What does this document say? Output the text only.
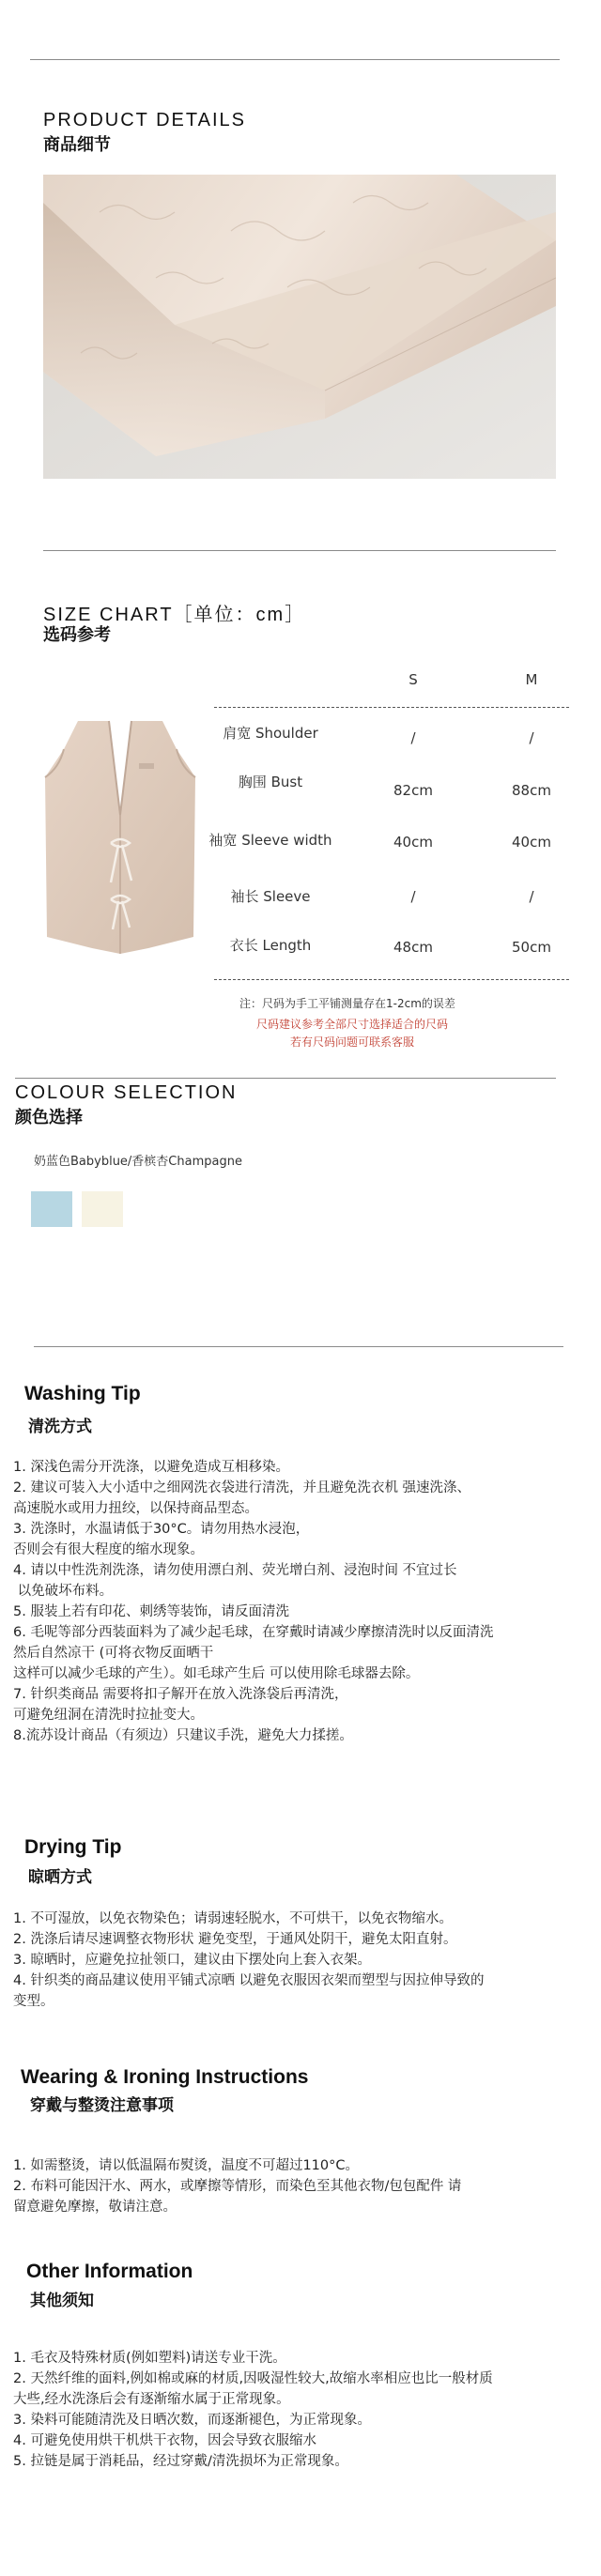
PRODUCT DETAILS
商品细节
SIZE CHART［单位：cm］
选码参考
S	M
肩宽 Shoulder	/	/
胸围 Bust	82cm	88cm
袖宽 Sleeve width	40cm	40cm
袖长 Sleeve	/	/
衣长 Length	48cm	50cm
注：尺码为手工平铺测量存在1-2cm的误差
尺码建议参考全部尺寸选择适合的尺码
若有尺码问题可联系客服
COLOUR SELECTION
颜色选择
奶蓝色Babyblue/香槟杏Champagne
Washing Tip
清洗方式

1. 深浅色需分开洗涤，以避免造成互相移染。

2. 建议可装入大小适中之细网洗衣袋进行清洗，并且避免洗衣机 强速洗涤、

高速脱水或用力扭绞，以保持商品型态。

3. 洗涤时，水温请低于30°C。请勿用热水浸泡，

否则会有很大程度的缩水现象。

4. 请以中性洗剂洗涤，请勿使用漂白剂、荧光增白剂、浸泡时间 不宜过长

以免破坏布料。

5. 服装上若有印花、刺绣等装饰，请反面清洗

6. 毛呢等部分西装面料为了减少起毛球，在穿戴时请减少摩擦清洗时以反面清洗

然后自然凉干 (可将衣物反面晒干

这样可以减少毛球的产生）。如毛球产生后 可以使用除毛球器去除。

7. 针织类商品 需要将扣子解开在放入洗涤袋后再清洗，

可避免纽洞在清洗时拉扯变大。

8.流苏设计商品（有须边）只建议手洗，避免大力揉搓。

Drying Tip
晾晒方式

1. 不可湿放，以免衣物染色；请弱速轻脱水，不可烘干，以免衣物缩水。

2. 洗涤后请尽速调整衣物形状 避免变型，于通风处阴干，避免太阳直射。

3. 晾晒时，应避免拉扯领口，建议由下摆处向上套入衣架。

4. 针织类的商品建议使用平铺式凉晒 以避免衣服因衣架而塑型与因拉伸导致的

变型。

Wearing & Ironing Instructions
穿戴与整烫注意事项

1. 如需整烫，请以低温隔布熨烫，温度不可超过110°C。

2. 布料可能因汗水、两水，或摩擦等情形，而染色至其他衣物/包包配件 请

留意避免摩擦，敬请注意。

Other Information
其他须知

1. 毛衣及特殊材质(例如塑料)请送专业干洗。

2. 天然纤维的面料,例如棉或麻的材质,因吸湿性较大,故缩水率相应也比一般材质

大些,经水洗涤后会有逐渐缩水属于正常现象。

3. 染料可能随清洗及日晒次数，而逐渐褪色，为正常现象。

4. 可避免使用烘干机烘干衣物，因会导致衣服缩水

5. 拉链是属于消耗品，经过穿戴/清洗损坏为正常现象。
